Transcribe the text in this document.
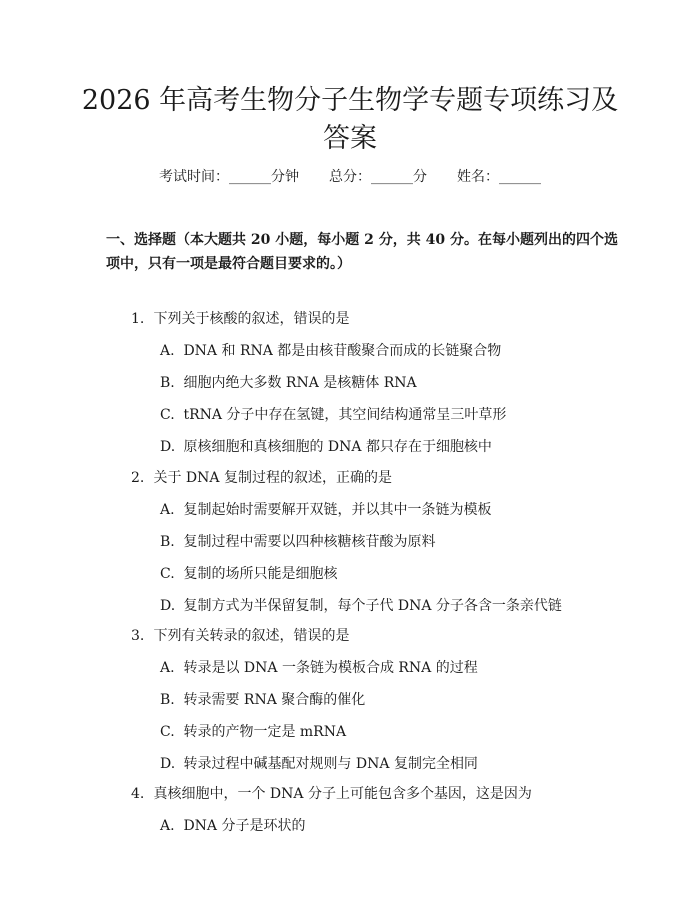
2026 年高考生物分子生物学专题专项练习及
答案
考试时间：______分钟 总分：______分 姓名：______
一、选择题（本大题共 20 小题，每小题 2 分，共 40 分。在每小题列出的四个选
项中，只有一项是最符合题目要求的。）
1. 下列关于核酸的叙述，错误的是
A. DNA 和 RNA 都是由核苷酸聚合而成的长链聚合物
B. 细胞内绝大多数 RNA 是核糖体 RNA
C. tRNA 分子中存在氢键，其空间结构通常呈三叶草形
D. 原核细胞和真核细胞的 DNA 都只存在于细胞核中
2. 关于 DNA 复制过程的叙述，正确的是
A. 复制起始时需要解开双链，并以其中一条链为模板
B. 复制过程中需要以四种核糖核苷酸为原料
C. 复制的场所只能是细胞核
D. 复制方式为半保留复制，每个子代 DNA 分子各含一条亲代链
3. 下列有关转录的叙述，错误的是
A. 转录是以 DNA 一条链为模板合成 RNA 的过程
B. 转录需要 RNA 聚合酶的催化
C. 转录的产物一定是 mRNA
D. 转录过程中碱基配对规则与 DNA 复制完全相同
4. 真核细胞中，一个 DNA 分子上可能包含多个基因，这是因为
A. DNA 分子是环状的
